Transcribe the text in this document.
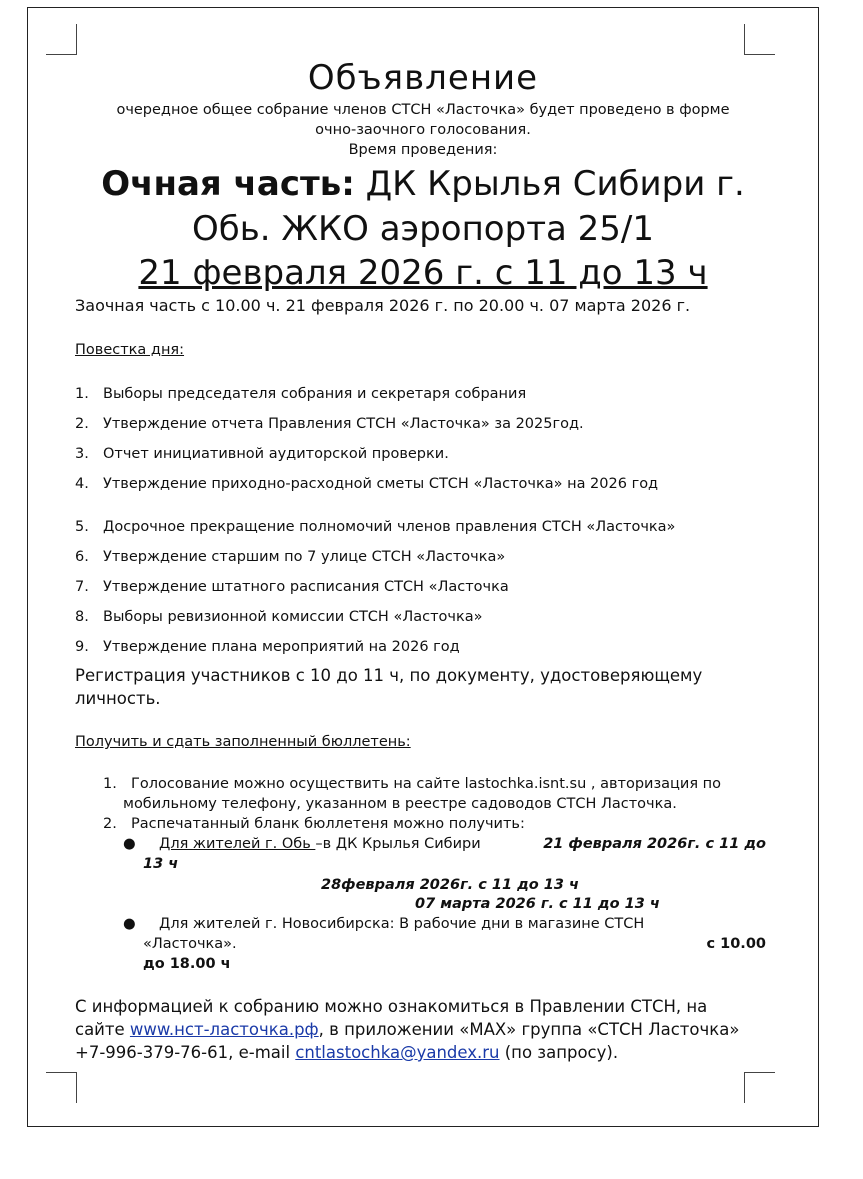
Объявление
очередное общее собрание членов СТСН «Ласточка» будет проведено в форме
очно-заочного голосования.
Время проведения:
Очная часть: ДК Крылья Сибири г.
Обь. ЖКО аэропорта 25/1
21 февраля 2026 г. с 11 до 13 ч
Заочная часть с 10.00 ч. 21 февраля 2026 г. по 20.00 ч. 07 марта 2026 г.
Повестка дня:
1. Выборы председателя собрания и секретаря собрания
2. Утверждение отчета Правления СТСН «Ласточка» за 2025год.
3. Отчет инициативной аудиторской проверки.
4. Утверждение приходно-расходной сметы СТСН «Ласточка» на 2026 год
5. Досрочное прекращение полномочий членов правления СТСН «Ласточка»
6. Утверждение старшим по 7 улице СТСН «Ласточка»
7. Утверждение штатного расписания СТСН «Ласточка
8. Выборы ревизионной комиссии СТСН «Ласточка»
9. Утверждение плана мероприятий на 2026 год
Регистрация участников с 10 до 11 ч, по документу, удостоверяющему
личность.
Получить и сдать заполненный бюллетень:
1. Голосование можно осуществить на сайте lastochka.isnt.su , авторизация по
мобильному телефону, указанном в реестре садоводов СТСН Ласточка.
2. Распечатанный бланк бюллетеня можно получить:
● Для жителей г. Обь –в ДК Крылья Сибири	21 февраля 2026г. с 11 до
13 ч
28февраля 2026г. с 11 до 13 ч
07 марта 2026 г. с 11 до 13 ч
● Для жителей г. Новосибирска: В рабочие дни в магазине СТСН
«Ласточка».	с 10.00
до 18.00 ч
С информацией к собранию можно ознакомиться в Правлении СТСН, на
сайте www.нст-ласточка.рф, в приложении «MAX» группа «СТСН Ласточка»
+7-996-379-76-61, e-mail cntlastochka@yandex.ru (по запросу).
